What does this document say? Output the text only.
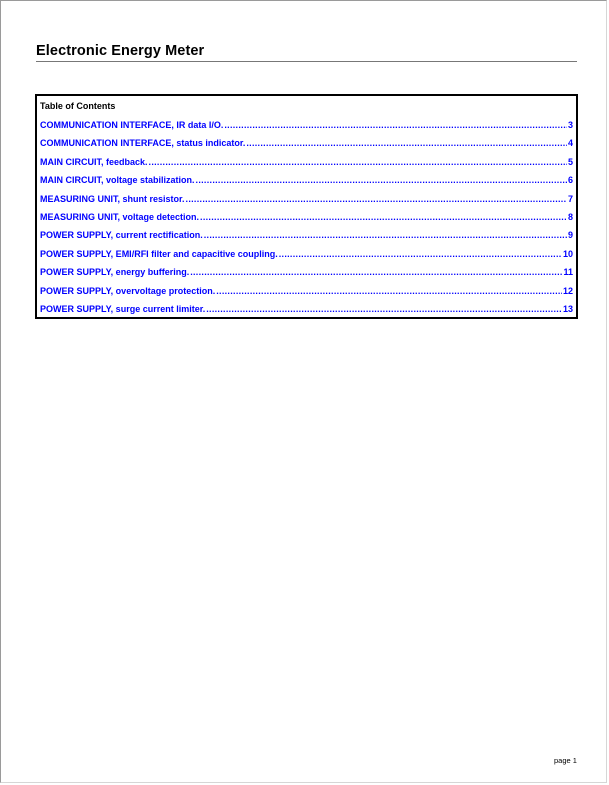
Electronic Energy Meter
Table of Contents
COMMUNICATION INTERFACE, IR data I/O. .....	3
COMMUNICATION INTERFACE, status indicator. .....	4
MAIN CIRCUIT, feedback. .....	5
MAIN CIRCUIT, voltage stabilization. .....	6
MEASURING UNIT, shunt resistor. .....	7
MEASURING UNIT, voltage detection. .....	8
POWER SUPPLY, current rectification. .....	9
POWER SUPPLY, EMI/RFI filter and capacitive coupling. .....	10
POWER SUPPLY, energy buffering. .....	11
POWER SUPPLY, overvoltage protection. .....	12
POWER SUPPLY, surge current limiter. .....	13
page 1
